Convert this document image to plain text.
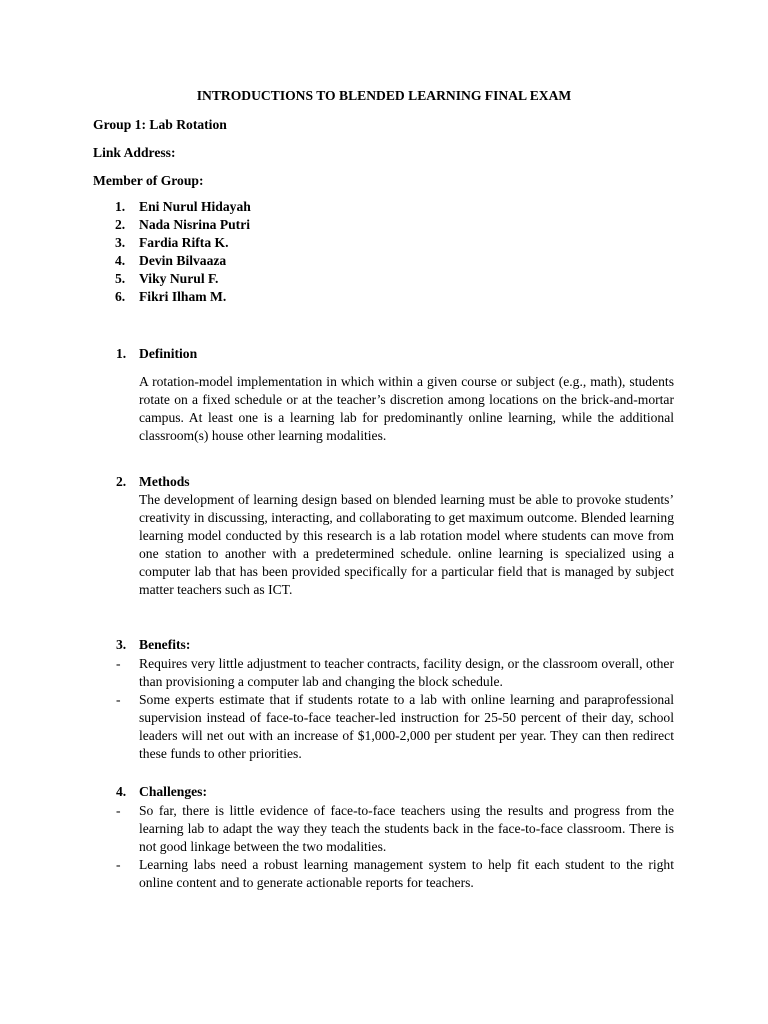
INTRODUCTIONS TO BLENDED LEARNING FINAL EXAM
Group 1: Lab Rotation
Link Address:
Member of Group:
1. Eni Nurul Hidayah
2. Nada Nisrina Putri
3. Fardia Rifta K.
4. Devin Bilvaaza
5. Viky Nurul F.
6. Fikri Ilham M.
1. Definition

A rotation-model implementation in which within a given course or subject (e.g., math), students rotate on a fixed schedule or at the teacher’s discretion among locations on the brick-and-mortar campus. At least one is a learning lab for predominantly online learning, while the additional classroom(s) house other learning modalities.

2. Methods

The development of learning design based on blended learning must be able to provoke students’ creativity in discussing, interacting, and collaborating to get maximum outcome. Blended learning learning model conducted by this research is a lab rotation model where students can move from one station to another with a predetermined schedule. online learning is specialized using a computer lab that has been provided specifically for a particular field that is managed by subject matter teachers such as ICT.

3. Benefits:
- Requires very little adjustment to teacher contracts, facility design, or the classroom overall, other than provisioning a computer lab and changing the block schedule.
- Some experts estimate that if students rotate to a lab with online learning and paraprofessional supervision instead of face-to-face teacher-led instruction for 25-50 percent of their day, school leaders will net out with an increase of $1,000-2,000 per student per year. They can then redirect these funds to other priorities.
4. Challenges:
- So far, there is little evidence of face-to-face teachers using the results and progress from the learning lab to adapt the way they teach the students back in the face-to-face classroom. There is not good linkage between the two modalities.
- Learning labs need a robust learning management system to help fit each student to the right online content and to generate actionable reports for teachers.
